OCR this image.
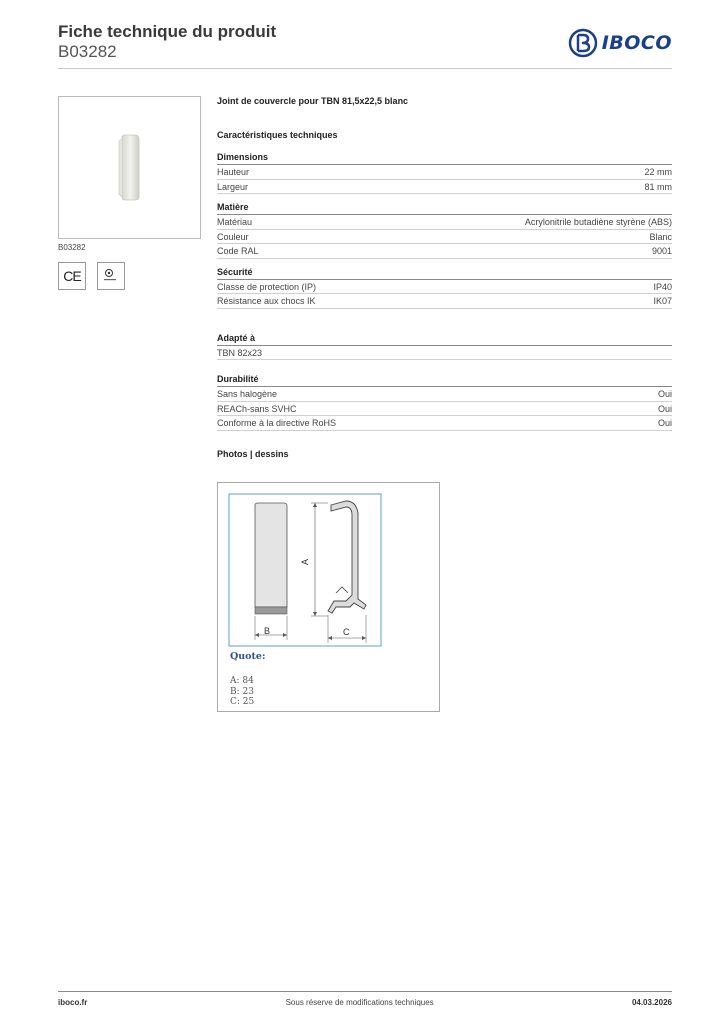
Fiche technique du produit
B03282	IBOCO
B03282
CE
Joint de couvercle pour TBN 81,5x22,5 blanc
Caractéristiques techniques
Dimensions
Hauteur	22 mm
Largeur	81 mm
Matière
Matériau	Acrylonitrile butadiène styrène (ABS)
Couleur	Blanc
Code RAL	9001
Sécurité
Classe de protection (IP)	IP40
Résistance aux chocs IK	IK07
Adapté à
TBN 82x23
Durabilité
Sans halogène	Oui
REACh-sans SVHC	Oui
Conforme à la directive RoHS	Oui
Photos | dessins
B
A
C
Quote:
A: 84
B: 23
C: 25
iboco.fr	Sous réserve de modifications techniques	04.03.2026
